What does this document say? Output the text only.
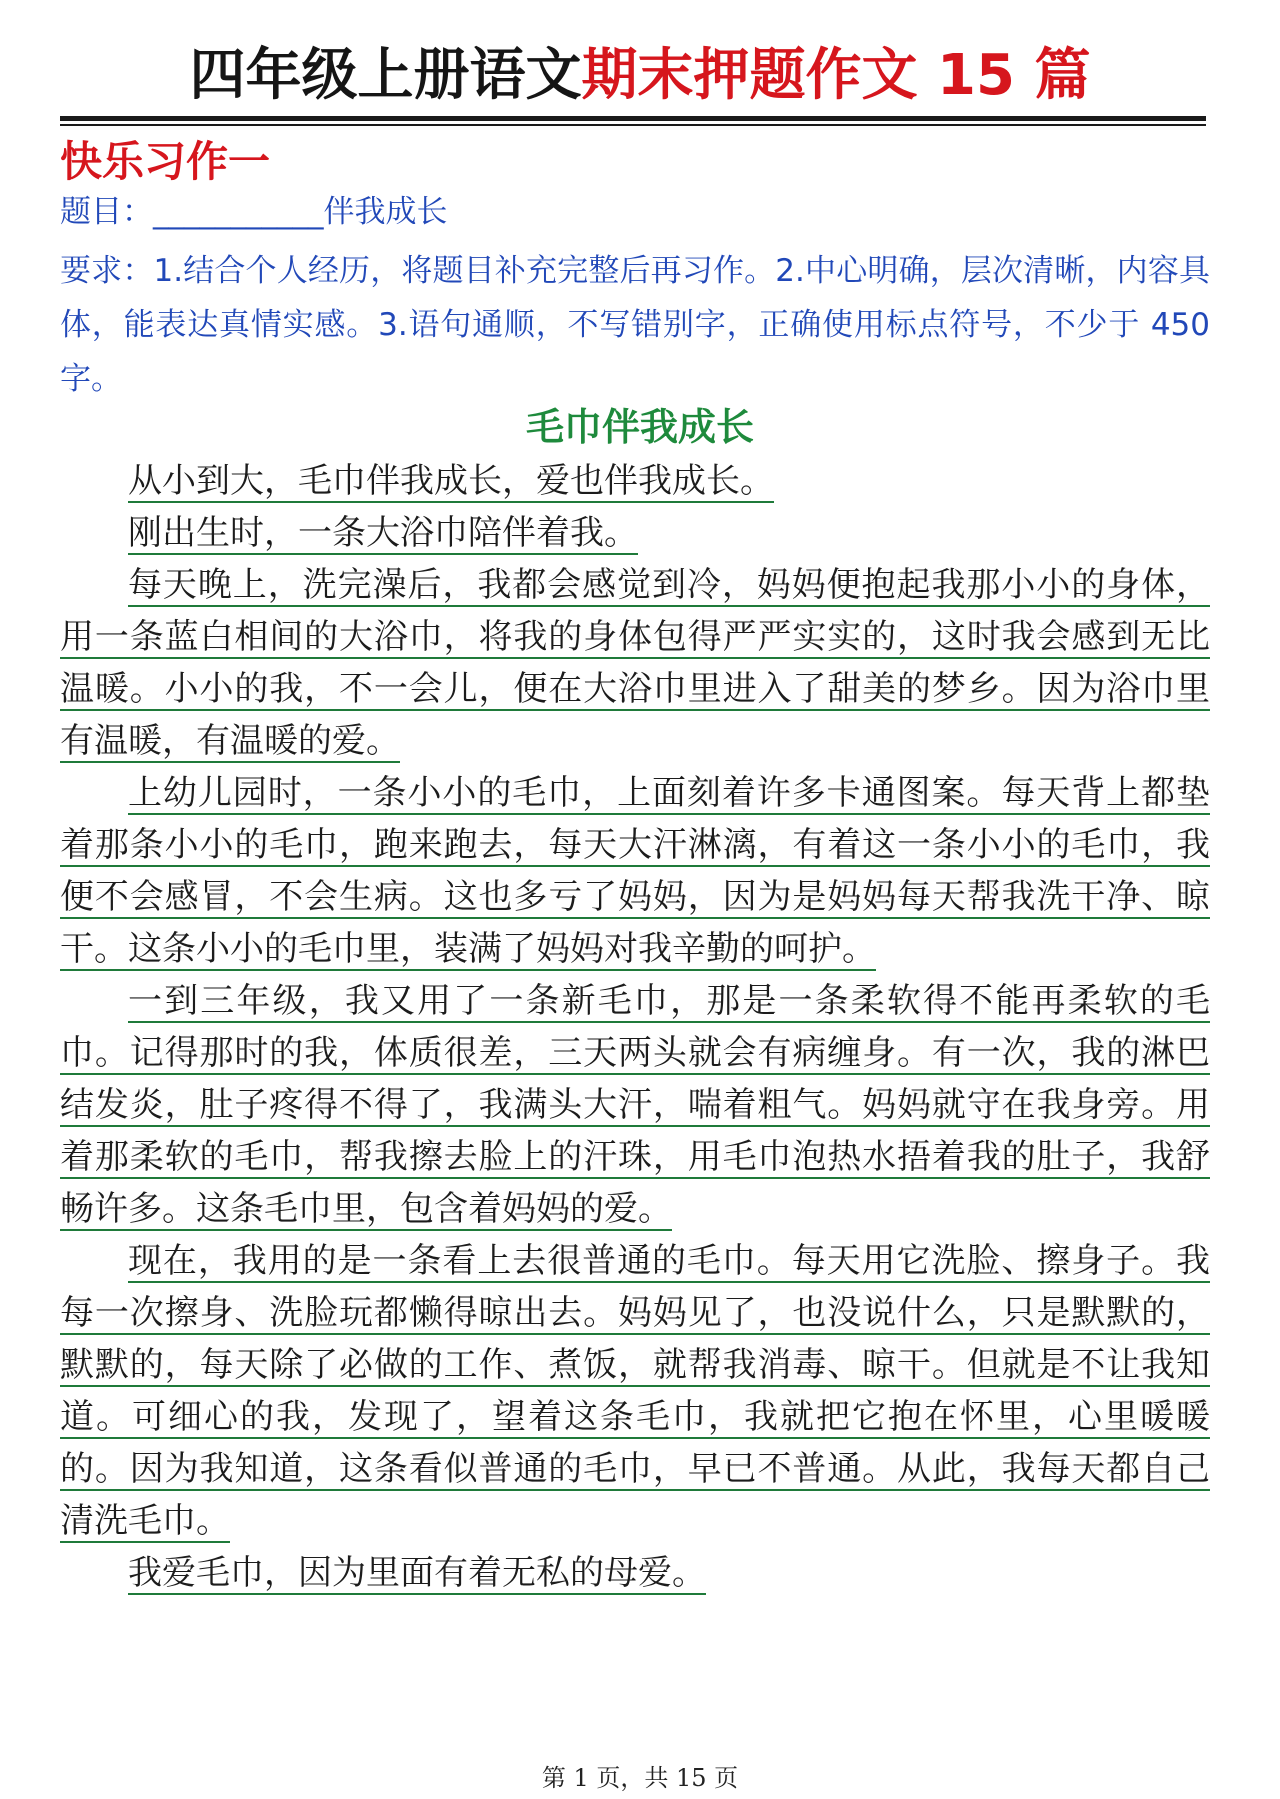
四年级上册语文期末押题作文 15 篇
快乐习作一
题目：___________伴我成长
要求：1.结合个人经历，将题目补充完整后再习作。2.中心明确，层次清晰，内容具体，能表达真情实感。3.语句通顺，不写错别字，正确使用标点符号，不少于 450 字。
毛巾伴我成长

从小到大，毛巾伴我成长，爱也伴我成长。

刚出生时，一条大浴巾陪伴着我。

每天晚上，洗完澡后，我都会感觉到冷，妈妈便抱起我那小小的身体，用一条蓝白相间的大浴巾，将我的身体包得严严实实的，这时我会感到无比温暖。小小的我，不一会儿，便在大浴巾里进入了甜美的梦乡。因为浴巾里有温暖，有温暖的爱。

上幼儿园时，一条小小的毛巾，上面刻着许多卡通图案。每天背上都垫着那条小小的毛巾，跑来跑去，每天大汗淋漓，有着这一条小小的毛巾，我便不会感冒，不会生病。这也多亏了妈妈，因为是妈妈每天帮我洗干净、晾干。这条小小的毛巾里，装满了妈妈对我辛勤的呵护。

一到三年级，我又用了一条新毛巾，那是一条柔软得不能再柔软的毛巾。记得那时的我，体质很差，三天两头就会有病缠身。有一次，我的淋巴结发炎，肚子疼得不得了，我满头大汗，喘着粗气。妈妈就守在我身旁。用着那柔软的毛巾，帮我擦去脸上的汗珠，用毛巾泡热水捂着我的肚子，我舒畅许多。这条毛巾里，包含着妈妈的爱。

现在，我用的是一条看上去很普通的毛巾。每天用它洗脸、擦身子。我每一次擦身、洗脸玩都懒得晾出去。妈妈见了，也没说什么，只是默默的，默默的，每天除了必做的工作、煮饭，就帮我消毒、晾干。但就是不让我知道。可细心的我，发现了，望着这条毛巾，我就把它抱在怀里，心里暖暖的。因为我知道，这条看似普通的毛巾，早已不普通。从此，我每天都自己清洗毛巾。

我爱毛巾，因为里面有着无私的母爱。

第 1 页，共 15 页
